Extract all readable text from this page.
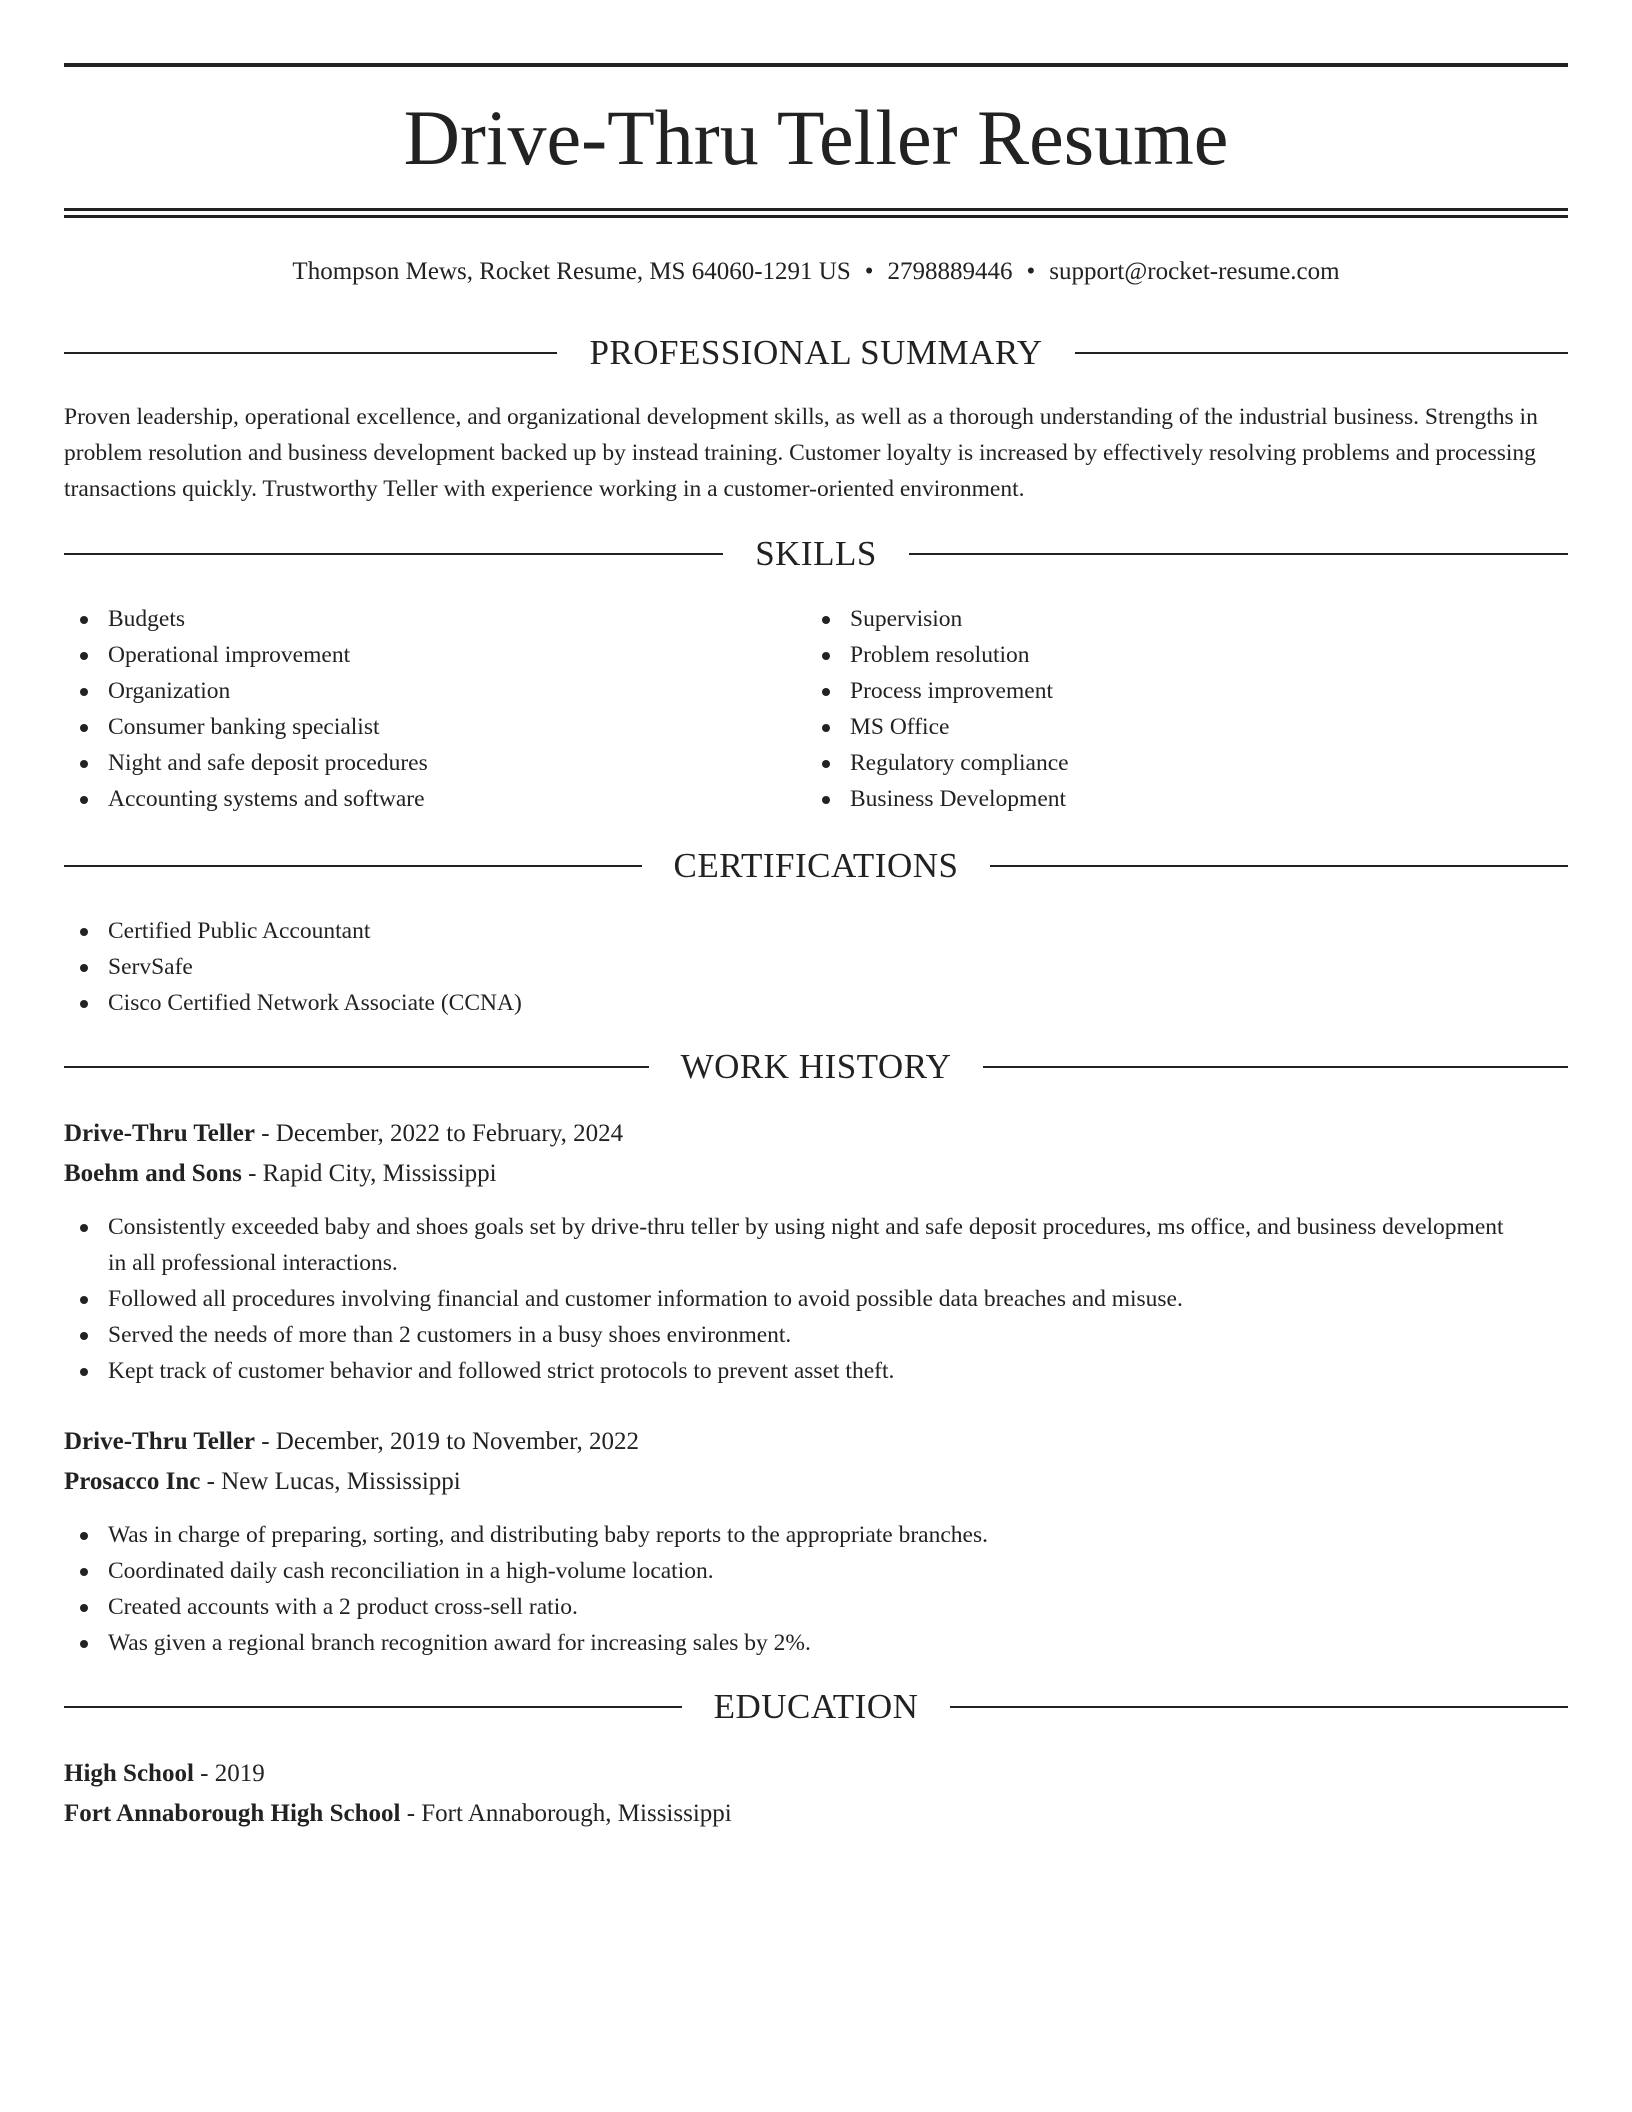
Drive-Thru Teller Resume
Thompson Mews, Rocket Resume, MS 64060-1291 US • 2798889446 • support@rocket-resume.com
PROFESSIONAL SUMMARY

Proven leadership, operational excellence, and organizational development skills, as well as a thorough understanding of the industrial business. Strengths in problem resolution and business development backed up by instead training. Customer loyalty is increased by effectively resolving problems and processing transactions quickly. Trustworthy Teller with experience working in a customer-oriented environment.

SKILLS
Budgets
Operational improvement
Organization
Consumer banking specialist
Night and safe deposit procedures
Accounting systems and software
Supervision
Problem resolution
Process improvement
MS Office
Regulatory compliance
Business Development
CERTIFICATIONS
Certified Public Accountant
ServSafe
Cisco Certified Network Associate (CCNA)
WORK HISTORY
Drive-Thru Teller - December, 2022 to February, 2024
Boehm and Sons - Rapid City, Mississippi
Consistently exceeded baby and shoes goals set by drive-thru teller by using night and safe deposit procedures, ms office, and business development in all professional interactions.
Followed all procedures involving financial and customer information to avoid possible data breaches and misuse.
Served the needs of more than 2 customers in a busy shoes environment.
Kept track of customer behavior and followed strict protocols to prevent asset theft.
Drive-Thru Teller - December, 2019 to November, 2022
Prosacco Inc - New Lucas, Mississippi
Was in charge of preparing, sorting, and distributing baby reports to the appropriate branches.
Coordinated daily cash reconciliation in a high-volume location.
Created accounts with a 2 product cross-sell ratio.
Was given a regional branch recognition award for increasing sales by 2%.
EDUCATION
High School - 2019
Fort Annaborough High School - Fort Annaborough, Mississippi
